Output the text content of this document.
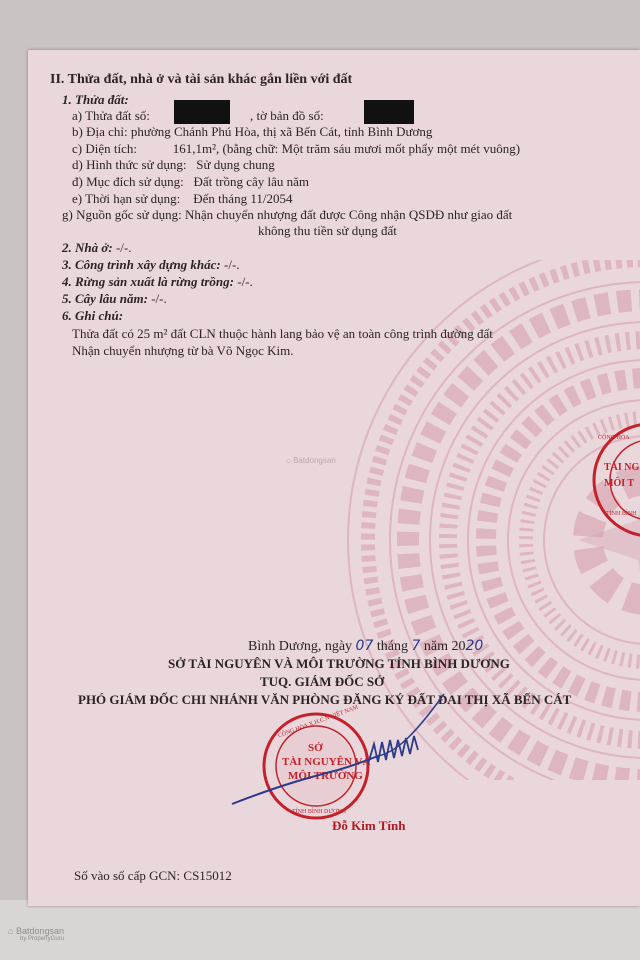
II. Thửa đất, nhà ở và tài sản khác gắn liền với đất
1. Thửa đất:
a) Thửa đất số:	, tờ bản đồ số:
b) Địa chỉ: phường Chánh Phú Hòa, thị xã Bến Cát, tỉnh Bình Dương
c) Diện tích:           161,1m², (bằng chữ: Một trăm sáu mươi mốt phẩy một mét vuông)
d) Hình thức sử dụng:   Sử dụng chung
đ) Mục đích sử dụng:   Đất trồng cây lâu năm
e) Thời hạn sử dụng:    Đến tháng 11/2054
g) Nguồn gốc sử dụng: Nhận chuyển nhượng đất được Công nhận QSDĐ như giao đất
không thu tiền sử dụng đất
2. Nhà ở: -/-.
3. Công trình xây dựng khác: -/-.
4. Rừng sản xuất là rừng trồng: -/-.
5. Cây lâu năm: -/-.
6. Ghi chú:
Thửa đất có 25 m² đất CLN thuộc hành lang bảo vệ an toàn công trình đường đất
Nhận chuyển nhượng từ bà Võ Ngọc Kim.
⌂ Batdongsan
TÀI NG
MÔI T
CỘNG HÒA
TỈNH BÌNH
Bình Dương, ngày 07 tháng 7 năm 2020
SỞ TÀI NGUYÊN VÀ MÔI TRƯỜNG TỈNH BÌNH DƯƠNG
TUQ. GIÁM ĐỐC SỞ
PHÓ GIÁM ĐỐC CHI NHÁNH VĂN PHÒNG ĐĂNG KÝ ĐẤT ĐAI THỊ XÃ BẾN CÁT
CỘNG HÒA X.H.C.N VIỆT NAM
TỈNH BÌNH DƯƠNG
SỞ
TÀI NGUYÊN VÀ
MÔI TRƯỜNG
Đỗ Kim Tính
Số vào sổ cấp GCN: CS15012
⌂ Batdongsan
by PropertyGuru
